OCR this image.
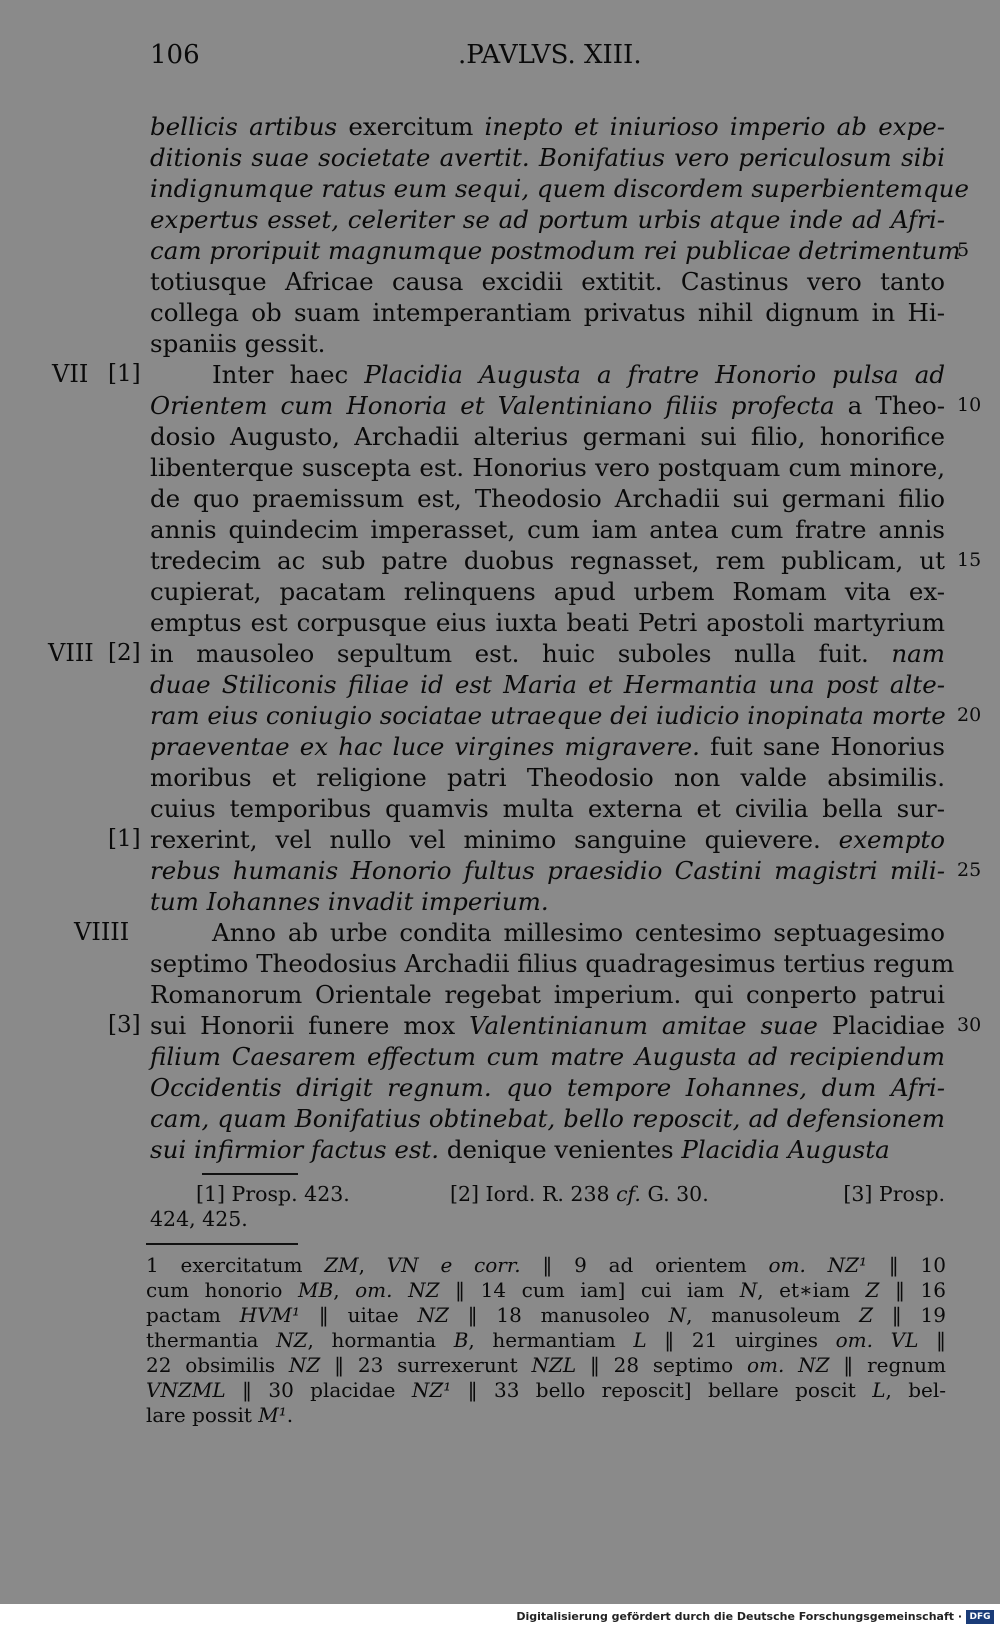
106	.PAVLVS. XIII.
bellicis artibus exercitum inepto et iniurioso imperio ab expe-
ditionis suae societate avertit. Bonifatius vero periculosum sibi
indignumque ratus eum sequi, quem discordem superbientemque
expertus esset, celeriter se ad portum urbis atque inde ad Afri-
cam proripuit magnumque postmodum rei publicae detrimentum
totiusque Africae causa excidii extitit. Castinus vero tanto
collega ob suam intemperantiam privatus nihil dignum in Hi-
spaniis gessit.
Inter haec Placidia Augusta a fratre Honorio pulsa ad
Orientem cum Honoria et Valentiniano filiis profecta a Theo-
dosio Augusto, Archadii alterius germani sui filio, honorifice
libenterque suscepta est. Honorius vero postquam cum minore,
de quo praemissum est, Theodosio Archadii sui germani filio
annis quindecim imperasset, cum iam antea cum fratre annis
tredecim ac sub patre duobus regnasset, rem publicam, ut
cupierat, pacatam relinquens apud urbem Romam vita ex-
emptus est corpusque eius iuxta beati Petri apostoli martyrium
in mausoleo sepultum est. huic suboles nulla fuit. nam
duae Stiliconis filiae id est Maria et Hermantia una post alte-
ram eius coniugio sociatae utraeque dei iudicio inopinata morte
praeventae ex hac luce virgines migravere. fuit sane Honorius
moribus et religione patri Theodosio non valde absimilis.
cuius temporibus quamvis multa externa et civilia bella sur-
rexerint, vel nullo vel minimo sanguine quievere. exempto
rebus humanis Honorio fultus praesidio Castini magistri mili-
tum Iohannes invadit imperium.
Anno ab urbe condita millesimo centesimo septuagesimo
septimo Theodosius Archadii filius quadragesimus tertius regum
Romanorum Orientale regebat imperium. qui conperto patrui
sui Honorii funere mox Valentinianum amitae suae Placidiae
filium Caesarem effectum cum matre Augusta ad recipiendum
Occidentis dirigit regnum. quo tempore Iohannes, dum Afri-
cam, quam Bonifatius obtinebat, bello reposcit, ad defensionem
sui infirmior factus est. denique venientes Placidia Augusta
5
10
15
20
25
30
VII
VIII
VIIII
[1]
[2]
[1]
[3]
[1] Prosp. 423.	[2] Iord. R. 238 cf. G. 30.	[3] Prosp.
424, 425.
1 exercitatum ZM, VN e corr. ‖ 9 ad orientem om. NZ¹ ‖ 10
cum honorio MB, om. NZ ‖ 14 cum iam] cui iam N, et∗iam Z ‖ 16
pactam HVM¹ ‖ uitae NZ ‖ 18 manusoleo N, manusoleum Z ‖ 19
thermantia NZ, hormantia B, hermantiam L ‖ 21 uirgines om. VL ‖
22 obsimilis NZ ‖ 23 surrexerunt NZL ‖ 28 septimo om. NZ ‖ regnum
VNZML ‖ 30 placidae NZ¹ ‖ 33 bello reposcit] bellare poscit L, bel-
lare possit M¹.
Digitalisierung gefördert durch die Deutsche Forschungsgemeinschaft · DFG
